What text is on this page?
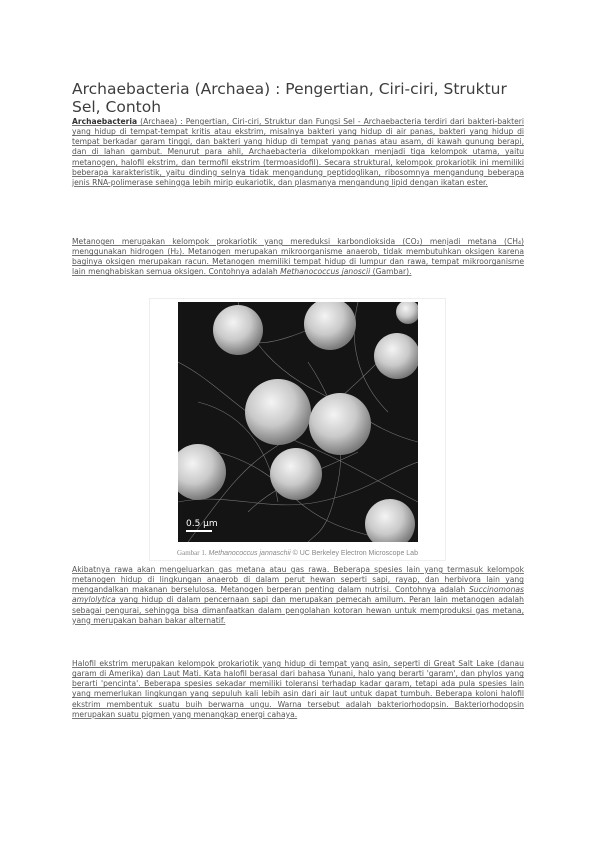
Archaebacteria (Archaea) : Pengertian, Ciri-ciri, Struktur Sel, Contoh

Archaebacteria (Archaea) : Pengertian, Ciri-ciri, Struktur dan Fungsi Sel - Archaebacteria terdiri dari bakteri-bakteri yang hidup di tempat-tempat kritis atau ekstrim, misalnya bakteri yang hidup di air panas, bakteri yang hidup di tempat berkadar garam tinggi, dan bakteri yang hidup di tempat yang panas atau asam, di kawah gunung berapi, dan di lahan gambut. Menurut para ahli, Archaebacteria dikelompokkan menjadi tiga kelompok utama, yaitu metanogen, halofil ekstrim, dan termofil ekstrim (termoasidofil). Secara struktural, kelompok prokariotik ini memiliki beberapa karakteristik, yaitu dinding selnya tidak mengandung peptidoglikan, ribosomnya mengandung beberapa jenis RNA-polimerase sehingga lebih mirip eukariotik, dan plasmanya mengandung lipid dengan ikatan ester.

Metanogen merupakan kelompok prokariotik yang mereduksi karbondioksida (CO₂) menjadi metana (CH₄) menggunakan hidrogen (H₂). Metanogen merupakan mikroorganisme anaerob, tidak membutuhkan oksigen karena baginya oksigen merupakan racun. Metanogen memiliki tempat hidup di lumpur dan rawa, tempat mikroorganisme lain menghabiskan semua oksigen. Contohnya adalah Methanococcus janoscii (Gambar).

0.5 µm
Gambar 1. Methanococcus jannaschii © UC Berkeley Electron Microscope Lab

Akibatnya rawa akan mengeluarkan gas metana atau gas rawa. Beberapa spesies lain yang termasuk kelompok metanogen hidup di lingkungan anaerob di dalam perut hewan seperti sapi, rayap, dan herbivora lain yang mengandalkan makanan berselulosa. Metanogen berperan penting dalam nutrisi. Contohnya adalah Succinomonas amylolytica yang hidup di dalam pencernaan sapi dan merupakan pemecah amilum. Peran lain metanogen adalah sebagai pengurai, sehingga bisa dimanfaatkan dalam pengolahan kotoran hewan untuk memproduksi gas metana, yang merupakan bahan bakar alternatif.

Halofil ekstrim merupakan kelompok prokariotik yang hidup di tempat yang asin, seperti di Great Salt Lake (danau garam di Amerika) dan Laut Mati. Kata halofil berasal dari bahasa Yunani, halo yang berarti 'garam', dan phylos yang berarti 'pencinta'. Beberapa spesies sekadar memiliki toleransi terhadap kadar garam, tetapi ada pula spesies lain yang memerlukan lingkungan yang sepuluh kali lebih asin dari air laut untuk dapat tumbuh. Beberapa koloni halofil ekstrim membentuk suatu buih berwarna ungu. Warna tersebut adalah bakteriorhodopsin. Bakteriorhodopsin merupakan suatu pigmen yang menangkap energi cahaya.
